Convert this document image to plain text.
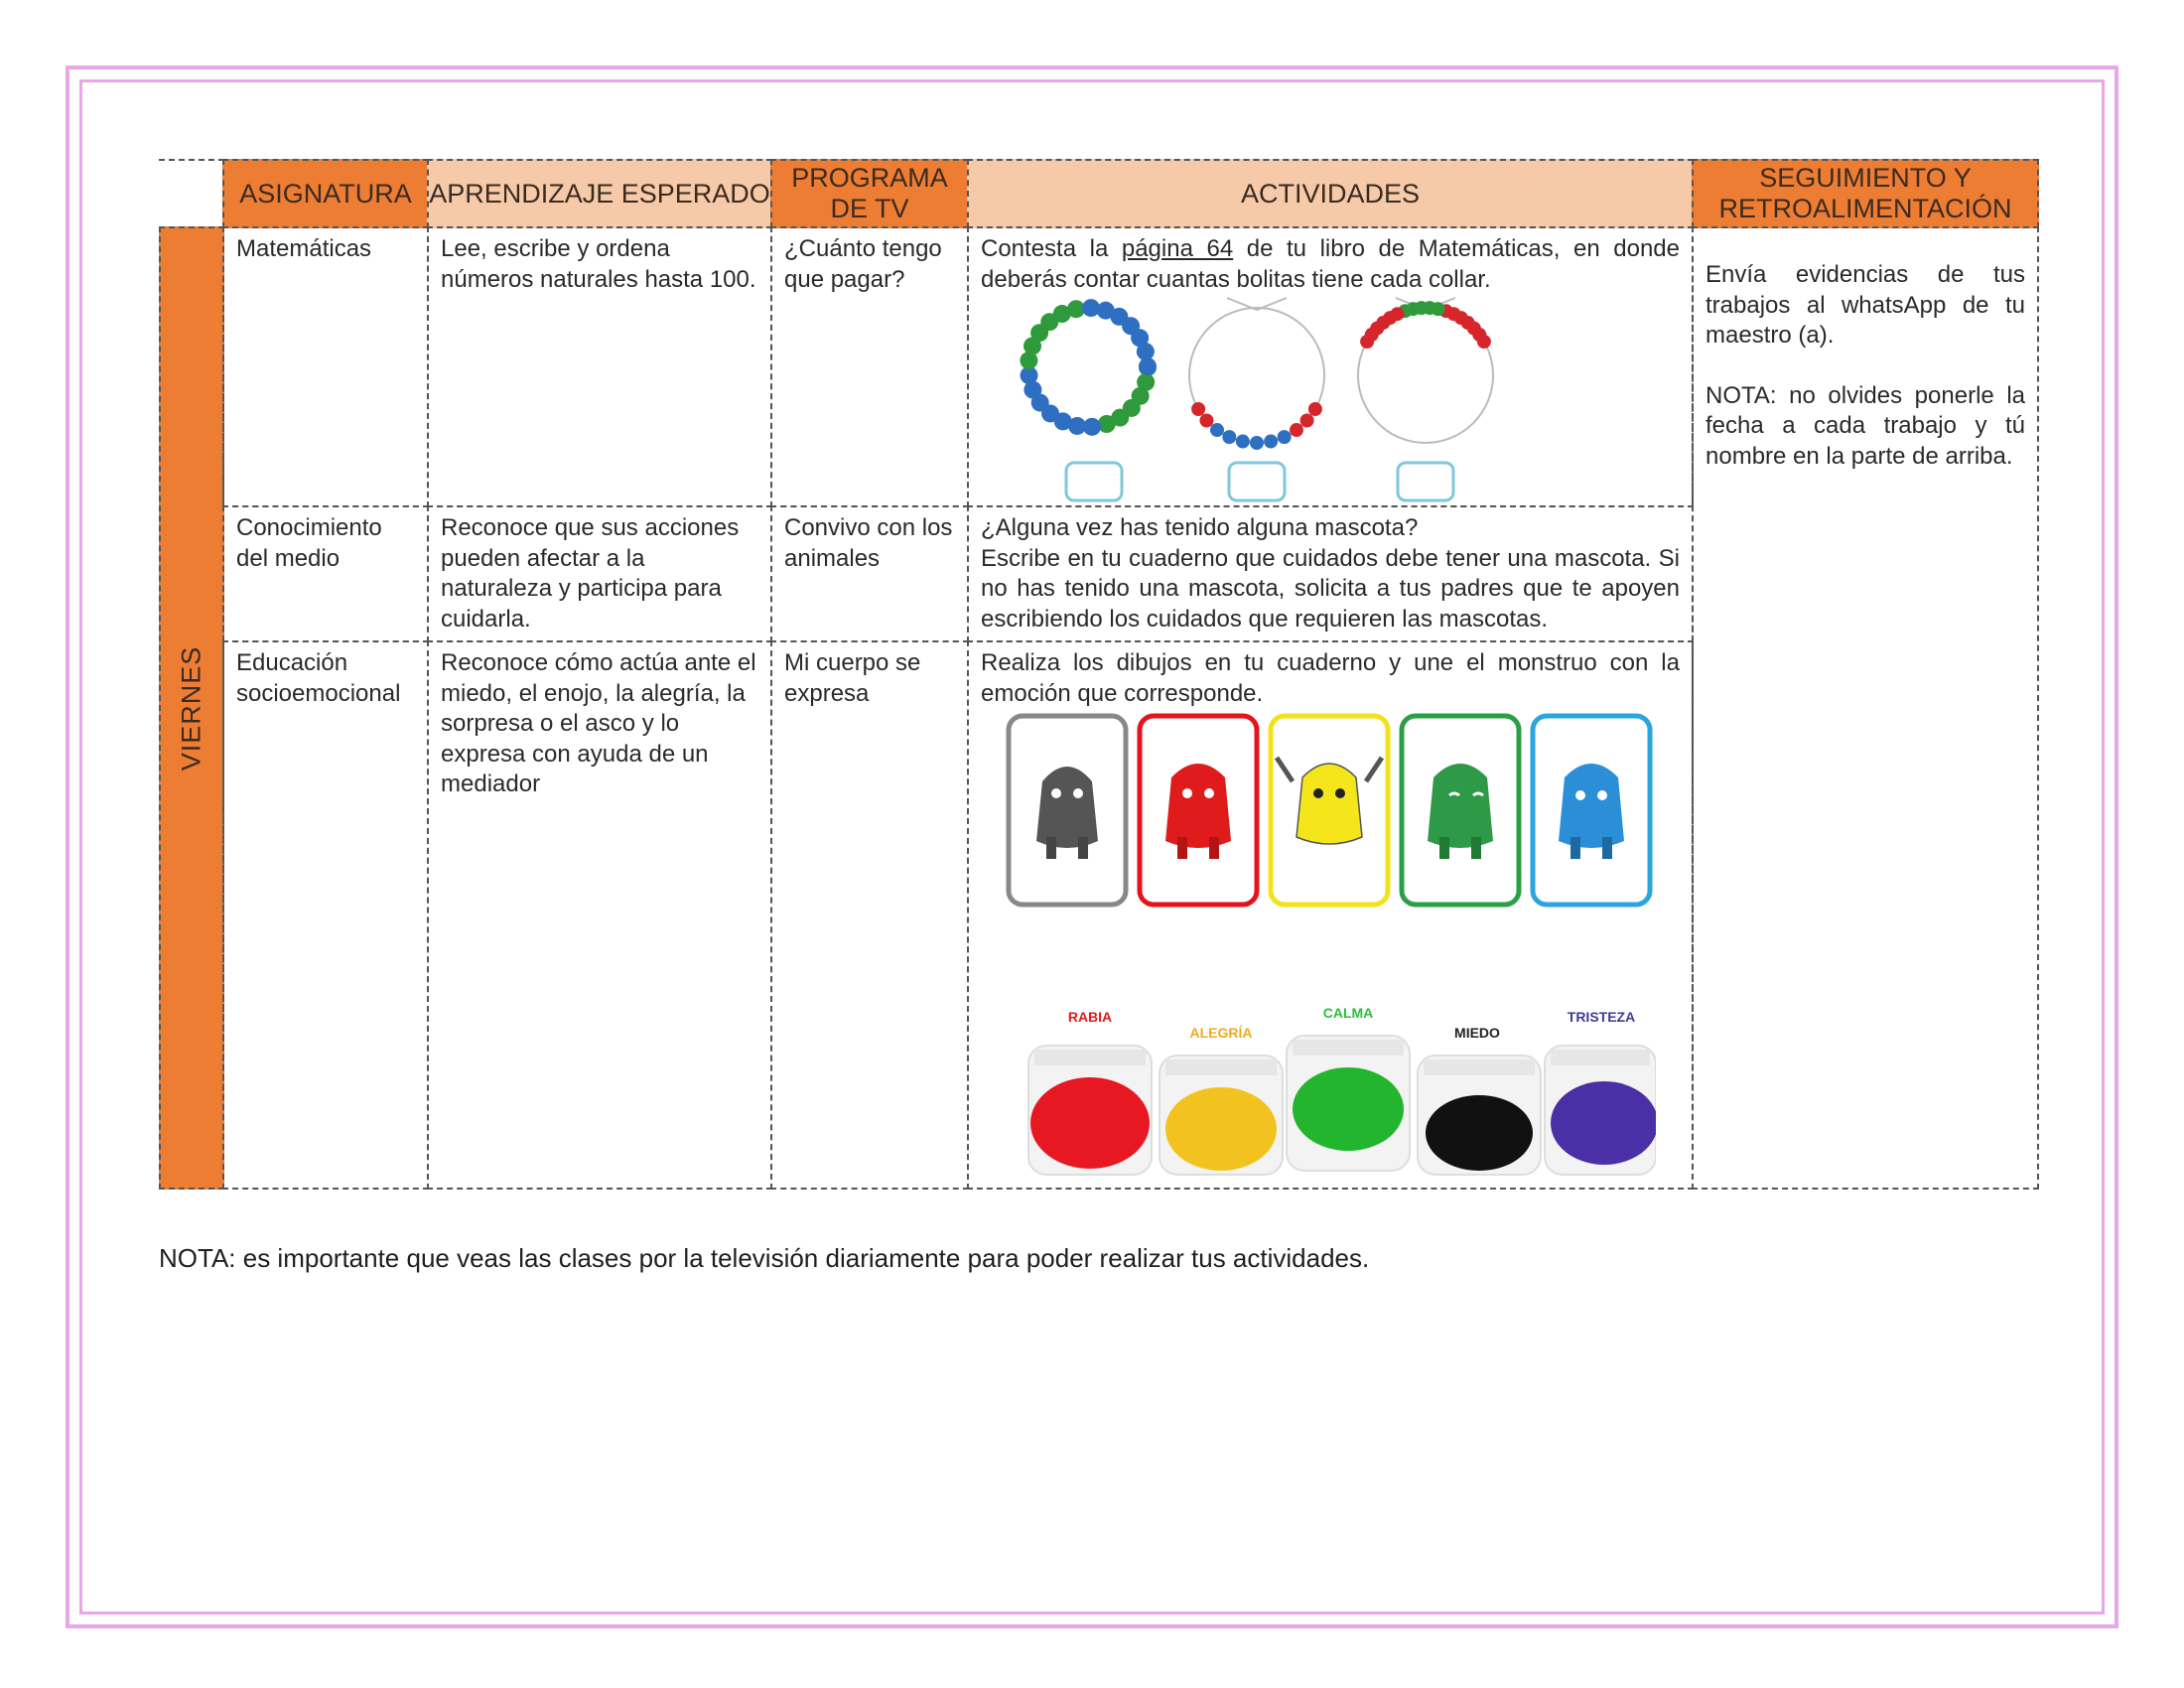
ASIGNATURA APRENDIZAJE ESPERADO
PROGRAMA DE TV
ACTIVIDADES
SEGUIMIENTO Y RETROALIMENTACIÓN
VIERNES
Matemáticas	Lee, escribe y ordena números naturales hasta 100.
¿Cuánto tengo que pagar?

Contesta la página 64 de tu libro de Matemáticas, en donde deberás contar cuantas bolitas tiene cada collar.	Envía evidencias de tus trabajos al whatsApp de tu maestro (a).

NOTA: no olvides ponerle la fecha a cada trabajo y tú nombre en la parte de arriba.

Conocimiento del medio
Reconoce que sus acciones pueden afectar a la naturaleza y participa para cuidarla.
Convivo con los animales

¿Alguna vez has tenido alguna mascota?

Escribe en tu cuaderno que cuidados debe tener una mascota. Si no has tenido una mascota, solicita a tus padres que te apoyen escribiendo los cuidados que requieren las mascotas.

Educación socioemocional

Reconoce cómo actúa ante el miedo, el enojo, la alegría, la sorpresa o el asco y lo

expresa con ayuda de un mediador

Mi cuerpo se expresa

Realiza los dibujos en tu cuaderno y une el monstruo con la emoción que corresponde.

RABIA
ALEGRÍA
CALMA
MIEDO
TRISTEZA
NOTA: es importante que veas las clases por la televisión diariamente para poder realizar tus actividades.
